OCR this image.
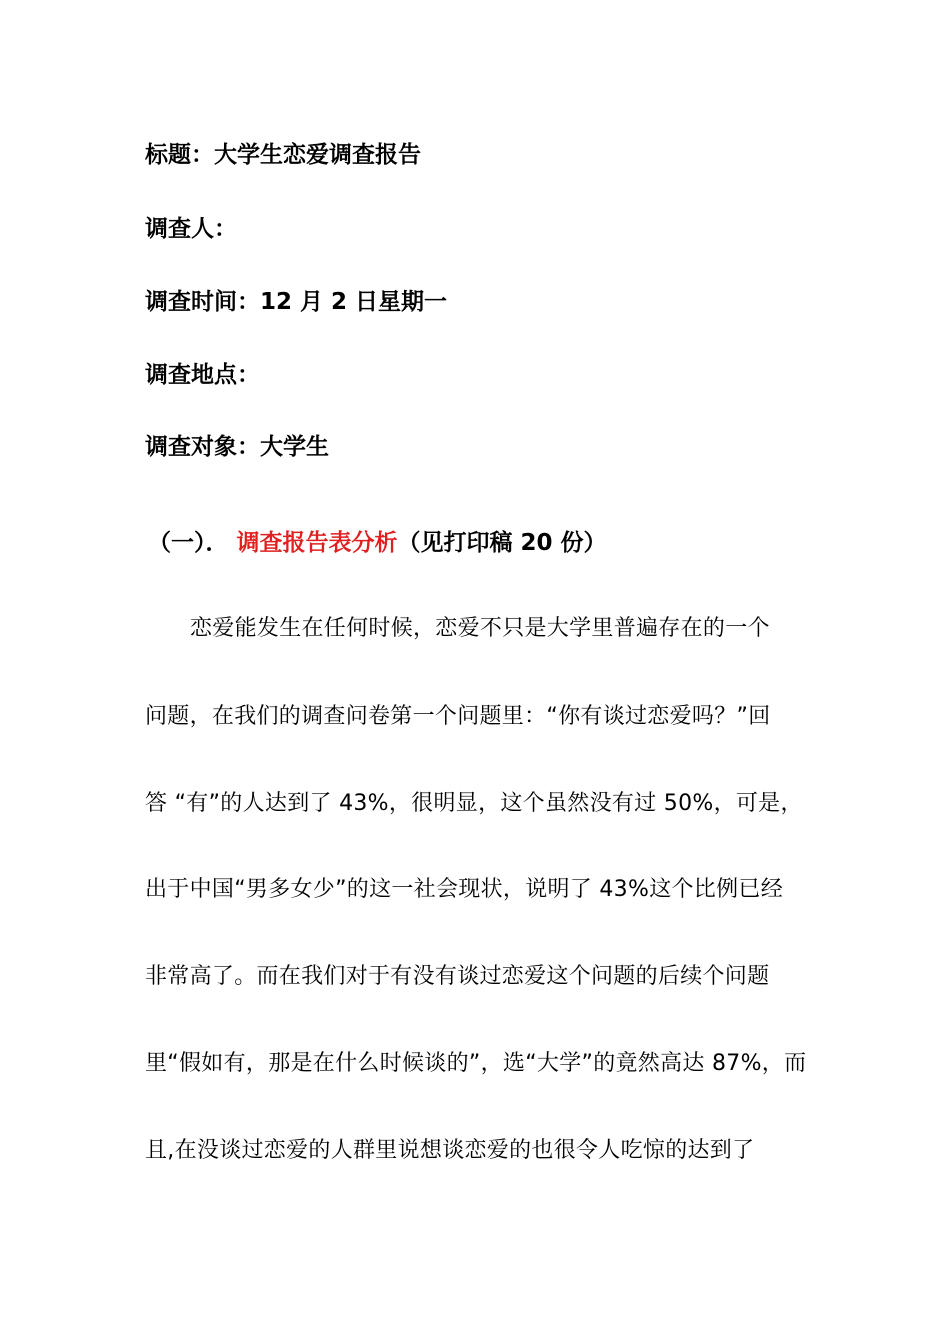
标题：大学生恋爱调查报告
调查人：
调查时间：12 月 2 日星期一
调查地点：
调查对象：大学生
（一）． 调查报告表分析（见打印稿 20 份）
恋爱能发生在任何时候，恋爱不只是大学里普遍存在的一个
问题，在我们的调查问卷第一个问题里：“你有谈过恋爱吗？”回
答 “有”的人达到了 43%，很明显，这个虽然没有过 50%，可是，
出于中国“男多女少”的这一社会现状，说明了 43%这个比例已经
非常高了。而在我们对于有没有谈过恋爱这个问题的后续个问题
里“假如有，那是在什么时候谈的”，选“大学”的竟然高达 87%，而
且,在没谈过恋爱的人群里说想谈恋爱的也很令人吃惊的达到了
